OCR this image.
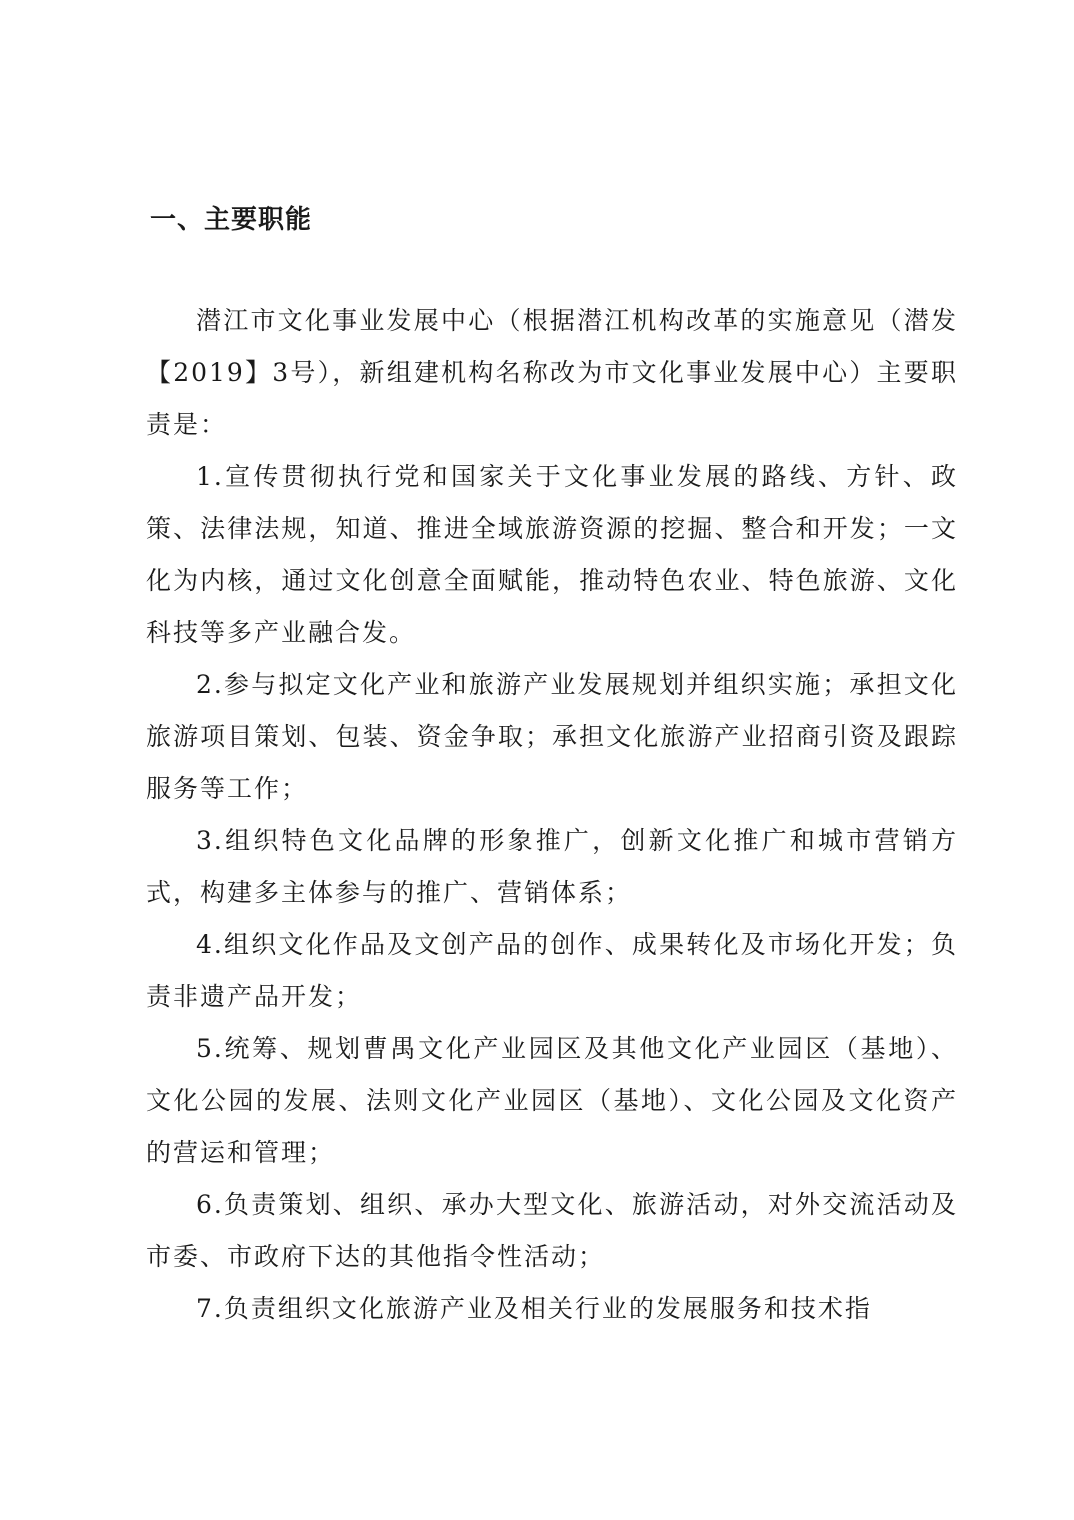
一、主要职能

潜江市文化事业发展中心（根据潜江机构改革的实施意见（潜发【2019】3号），新组建机构名称改为市文化事业发展中心）主要职责是：

1.宣传贯彻执行党和国家关于文化事业发展的路线、方针、政策、法律法规，知道、推进全域旅游资源的挖掘、整合和开发；一文化为内核，通过文化创意全面赋能，推动特色农业、特色旅游、文化科技等多产业融合发。

2.参与拟定文化产业和旅游产业发展规划并组织实施；承担文化旅游项目策划、包装、资金争取；承担文化旅游产业招商引资及跟踪服务等工作；

3.组织特色文化品牌的形象推广，创新文化推广和城市营销方式，构建多主体参与的推广、营销体系；

4.组织文化作品及文创产品的创作、成果转化及市场化开发；负责非遗产品开发；

5.统筹、规划曹禺文化产业园区及其他文化产业园区（基地）、文化公园的发展、法则文化产业园区（基地）、文化公园及文化资产的营运和管理；

6.负责策划、组织、承办大型文化、旅游活动，对外交流活动及市委、市政府下达的其他指令性活动；

7.负责组织文化旅游产业及相关行业的发展服务和技术指
